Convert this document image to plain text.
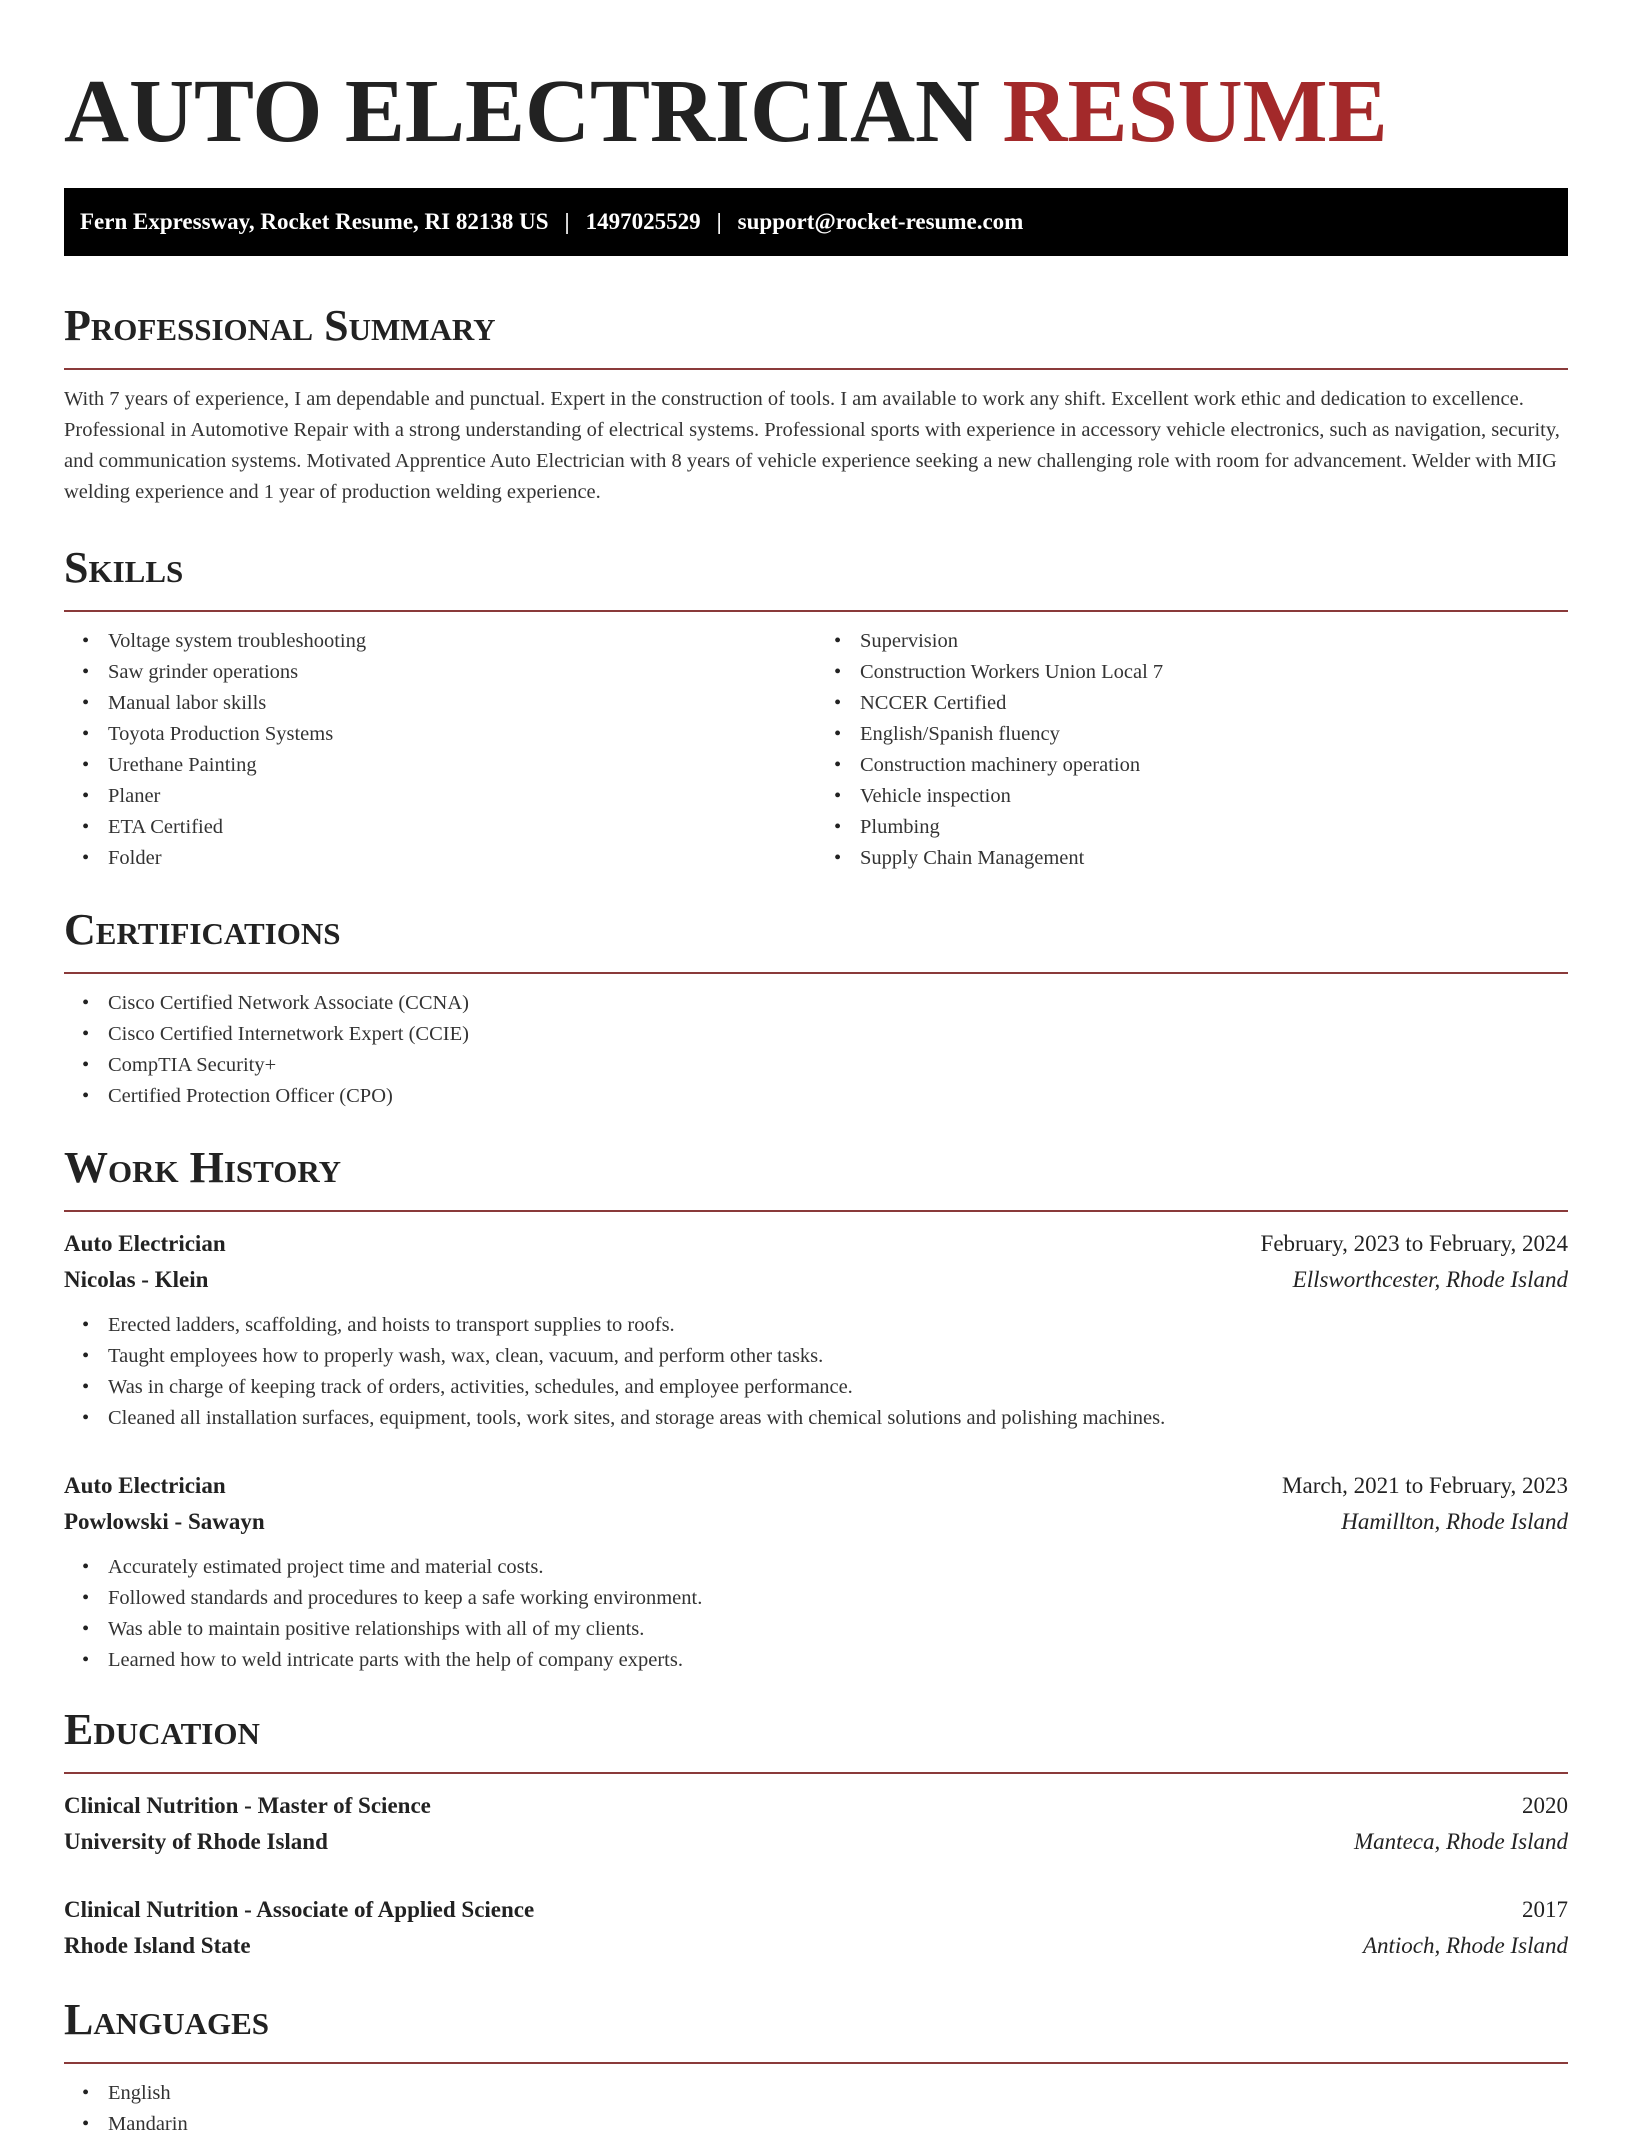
AUTO ELECTRICIAN RESUME
Fern Expressway, Rocket Resume, RI 82138 US | 1497025529 | support@rocket-resume.com
Professional Summary

With 7 years of experience, I am dependable and punctual. Expert in the construction of tools. I am available to work any shift. Excellent work ethic and dedication to excellence. Professional in Automotive Repair with a strong understanding of electrical systems. Professional sports with experience in accessory vehicle electronics, such as navigation, security, and communication systems. Motivated Apprentice Auto Electrician with 8 years of vehicle experience seeking a new challenging role with room for advancement. Welder with MIG welding experience and 1 year of production welding experience.

Skills
• Voltage system troubleshooting
• Saw grinder operations
• Manual labor skills
• Toyota Production Systems
• Urethane Painting
• Planer
• ETA Certified
• Folder
• Supervision
• Construction Workers Union Local 7
• NCCER Certified
• English/Spanish fluency
• Construction machinery operation
• Vehicle inspection
• Plumbing
• Supply Chain Management
Certifications
• Cisco Certified Network Associate (CCNA)
• Cisco Certified Internetwork Expert (CCIE)
• CompTIA Security+
• Certified Protection Officer (CPO)
Work History
Auto Electrician	February, 2023 to February, 2024
Nicolas - Klein	Ellsworthcester, Rhode Island
• Erected ladders, scaffolding, and hoists to transport supplies to roofs.
• Taught employees how to properly wash, wax, clean, vacuum, and perform other tasks.
• Was in charge of keeping track of orders, activities, schedules, and employee performance.
• Cleaned all installation surfaces, equipment, tools, work sites, and storage areas with chemical solutions and polishing machines.
Auto Electrician	March, 2021 to February, 2023
Powlowski - Sawayn	Hamillton, Rhode Island
• Accurately estimated project time and material costs.
• Followed standards and procedures to keep a safe working environment.
• Was able to maintain positive relationships with all of my clients.
• Learned how to weld intricate parts with the help of company experts.
Education
Clinical Nutrition - Master of Science	2020
University of Rhode Island	Manteca, Rhode Island
Clinical Nutrition - Associate of Applied Science	2017
Rhode Island State	Antioch, Rhode Island
Languages
• English
• Mandarin
